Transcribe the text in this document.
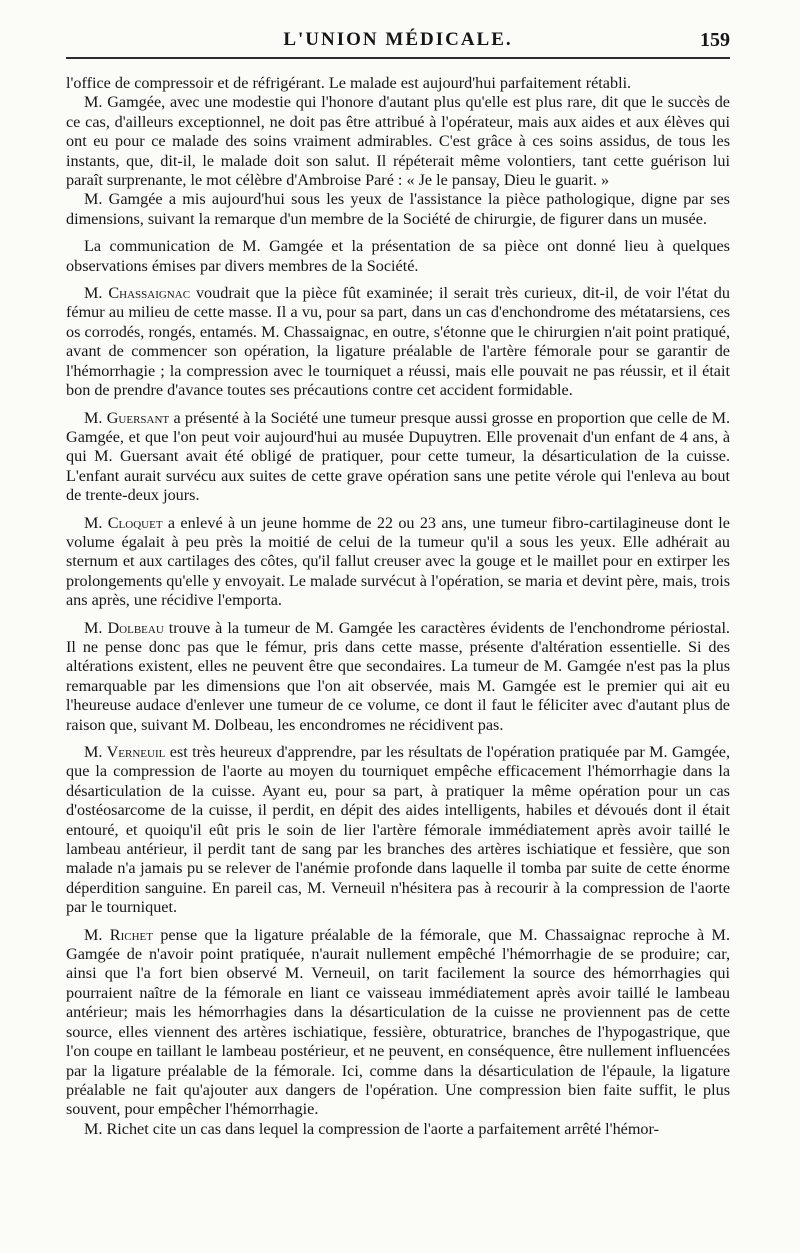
L'UNION MÉDICALE.	159

l'office de compressoir et de réfrigérant. Le malade est aujourd'hui parfaitement rétabli.

M. Gamgée, avec une modestie qui l'honore d'autant plus qu'elle est plus rare, dit que le succès de ce cas, d'ailleurs exceptionnel, ne doit pas être attribué à l'opérateur, mais aux aides et aux élèves qui ont eu pour ce malade des soins vraiment admirables. C'est grâce à ces soins assidus, de tous les instants, que, dit-il, le malade doit son salut. Il répéterait même volontiers, tant cette guérison lui paraît surprenante, le mot célèbre d'Ambroise Paré : « Je le pansay, Dieu le guarit. »

M. Gamgée a mis aujourd'hui sous les yeux de l'assistance la pièce pathologique, digne par ses dimensions, suivant la remarque d'un membre de la Société de chirurgie, de figurer dans un musée.

La communication de M. Gamgée et la présentation de sa pièce ont donné lieu à quelques observations émises par divers membres de la Société.

M. Chassaignac voudrait que la pièce fût examinée; il serait très curieux, dit-il, de voir l'état du fémur au milieu de cette masse. Il a vu, pour sa part, dans un cas d'enchondrome des métatarsiens, ces os corrodés, rongés, entamés. M. Chassaignac, en outre, s'étonne que le chirurgien n'ait point pratiqué, avant de commencer son opération, la ligature préalable de l'artère fémorale pour se garantir de l'hémorrhagie ; la compression avec le tourniquet a réussi, mais elle pouvait ne pas réussir, et il était bon de prendre d'avance toutes ses précautions contre cet accident formidable.

M. Guersant a présenté à la Société une tumeur presque aussi grosse en proportion que celle de M. Gamgée, et que l'on peut voir aujourd'hui au musée Dupuytren. Elle provenait d'un enfant de 4 ans, à qui M. Guersant avait été obligé de pratiquer, pour cette tumeur, la désarticulation de la cuisse. L'enfant aurait survécu aux suites de cette grave opération sans une petite vérole qui l'enleva au bout de trente-deux jours.

M. Cloquet a enlevé à un jeune homme de 22 ou 23 ans, une tumeur fibro-cartilagineuse dont le volume égalait à peu près la moitié de celui de la tumeur qu'il a sous les yeux. Elle adhérait au sternum et aux cartilages des côtes, qu'il fallut creuser avec la gouge et le maillet pour en extirper les prolongements qu'elle y envoyait. Le malade survécut à l'opération, se maria et devint père, mais, trois ans après, une récidive l'emporta.

M. Dolbeau trouve à la tumeur de M. Gamgée les caractères évidents de l'enchondrome périostal. Il ne pense donc pas que le fémur, pris dans cette masse, présente d'altération essentielle. Si des altérations existent, elles ne peuvent être que secondaires. La tumeur de M. Gamgée n'est pas la plus remarquable par les dimensions que l'on ait observée, mais M. Gamgée est le premier qui ait eu l'heureuse audace d'enlever une tumeur de ce volume, ce dont il faut le féliciter avec d'autant plus de raison que, suivant M. Dolbeau, les encondromes ne récidivent pas.

M. Verneuil est très heureux d'apprendre, par les résultats de l'opération pratiquée par M. Gamgée, que la compression de l'aorte au moyen du tourniquet empêche efficacement l'hémorrhagie dans la désarticulation de la cuisse. Ayant eu, pour sa part, à pratiquer la même opération pour un cas d'ostéosarcome de la cuisse, il perdit, en dépit des aides intelligents, habiles et dévoués dont il était entouré, et quoiqu'il eût pris le soin de lier l'artère fémorale immédiatement après avoir taillé le lambeau antérieur, il perdit tant de sang par les branches des artères ischiatique et fessière, que son malade n'a jamais pu se relever de l'anémie profonde dans laquelle il tomba par suite de cette énorme déperdition sanguine. En pareil cas, M. Verneuil n'hésitera pas à recourir à la compression de l'aorte par le tourniquet.

M. Richet pense que la ligature préalable de la fémorale, que M. Chassaignac reproche à M. Gamgée de n'avoir point pratiquée, n'aurait nullement empêché l'hémorrhagie de se produire; car, ainsi que l'a fort bien observé M. Verneuil, on tarit facilement la source des hémorrhagies qui pourraient naître de la fémorale en liant ce vaisseau immédiatement après avoir taillé le lambeau antérieur; mais les hémorrhagies dans la désarticulation de la cuisse ne proviennent pas de cette source, elles viennent des artères ischiatique, fessière, obturatrice, branches de l'hypogastrique, que l'on coupe en taillant le lambeau postérieur, et ne peuvent, en conséquence, être nullement influencées par la ligature préalable de la fémorale. Ici, comme dans la désarticulation de l'épaule, la ligature préalable ne fait qu'ajouter aux dangers de l'opération. Une compression bien faite suffit, le plus souvent, pour empêcher l'hémorrhagie.

M. Richet cite un cas dans lequel la compression de l'aorte a parfaitement arrêté l'hémor-
